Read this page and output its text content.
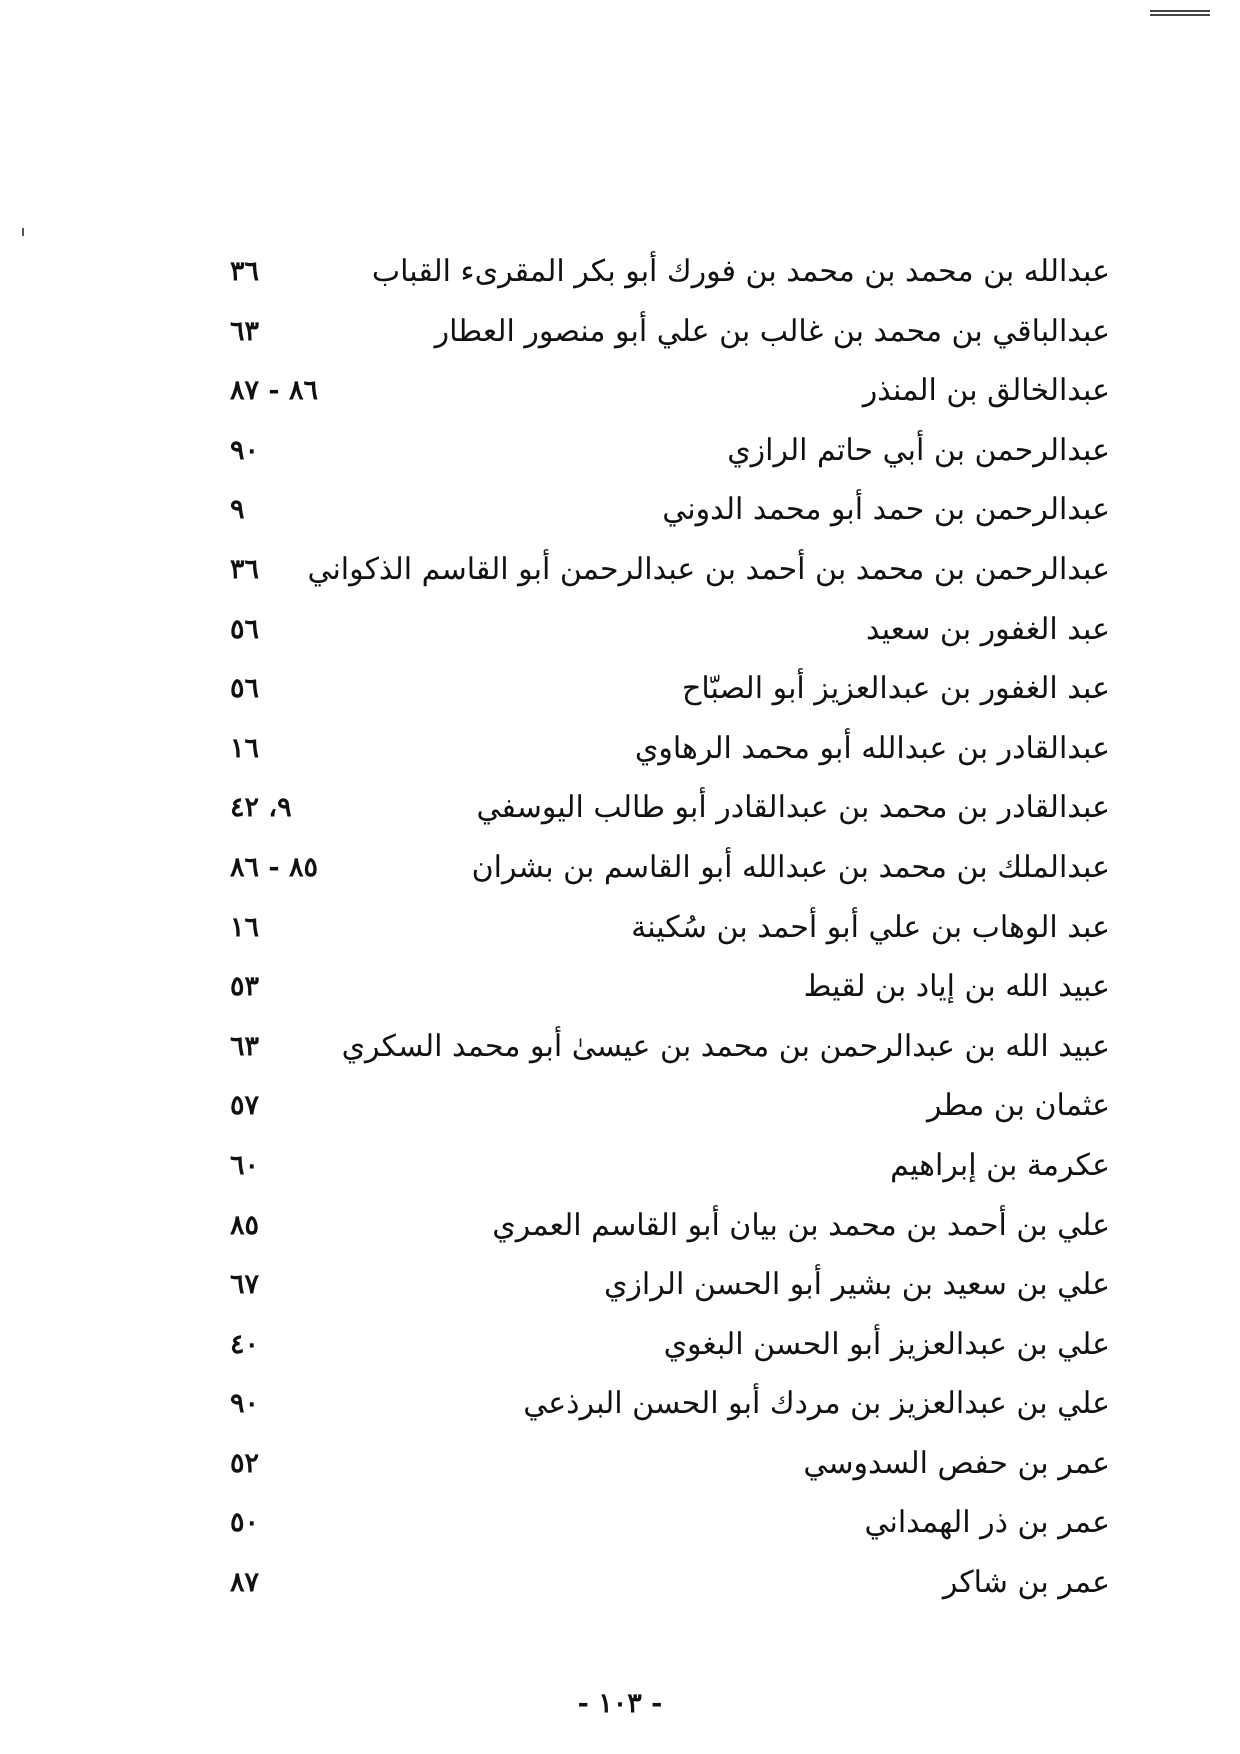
عبدالله بن محمد بن محمد بن فورك أبو بكر المقرىء القباب
٣٦
عبدالباقي بن محمد بن غالب بن علي أبو منصور العطار
٦٣
عبدالخالق بن المنذر
٨٦ - ٨٧
عبدالرحمن بن أبي حاتم الرازي
٩٠
عبدالرحمن بن حمد أبو محمد الدوني
٩
عبدالرحمن بن محمد بن أحمد بن عبدالرحمن أبو القاسم الذكواني
٣٦
عبد الغفور بن سعيد
٥٦
عبد الغفور بن عبدالعزيز أبو الصبّاح
٥٦
عبدالقادر بن عبدالله أبو محمد الرهاوي
١٦
عبدالقادر بن محمد بن عبدالقادر أبو طالب اليوسفي
٩، ٤٢
عبدالملك بن محمد بن عبدالله أبو القاسم بن بشران
٨٥ - ٨٦
عبد الوهاب بن علي أبو أحمد بن سُكينة
١٦
عبيد الله بن إياد بن لقيط
٥٣
عبيد الله بن عبدالرحمن بن محمد بن عيسىٰ أبو محمد السكري
٦٣
عثمان بن مطر
٥٧
عكرمة بن إبراهيم
٦٠
علي بن أحمد بن محمد بن بيان أبو القاسم العمري
٨٥
علي بن سعيد بن بشير أبو الحسن الرازي
٦٧
علي بن عبدالعزيز أبو الحسن البغوي
٤٠
علي بن عبدالعزيز بن مردك أبو الحسن البرذعي
٩٠
عمر بن حفص السدوسي
٥٢
عمر بن ذر الهمداني
٥٠
عمر بن شاكر
٨٧
- ١٠٣ -
